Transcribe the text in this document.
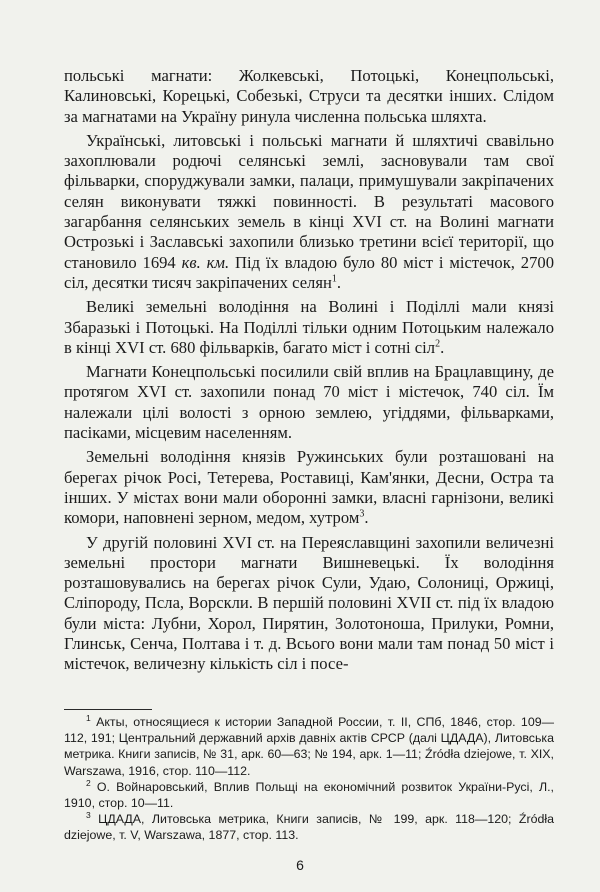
польські магнати: Жолкевські, Потоцькі, Конецпольські, Калиновські, Корецькі, Собезькі, Струси та десятки інших. Слідом за магнатами на Україну ринула численна польська шляхта.

Українські, литовські і польські магнати й шляхтичі свавільно захоплювали родючі селянські землі, засновували там свої фільварки, споруджували замки, палаци, примушували закріпачених селян виконувати тяжкі повинності. В результаті масового загарбання селянських земель в кінці XVI ст. на Волині магнати Острозькі і Заславські захопили близько третини всієї території, що становило 1694 кв. км. Під їх владою було 80 міст і містечок, 2700 сіл, десятки тисяч закріпачених селян$^1$.

Великі земельні володіння на Волині і Поділлі мали князі Збаразькі і Потоцькі. На Поділлі тільки одним Потоцьким належало в кінці XVI ст. 680 фільварків, багато міст і сотні сіл$^2$.

Магнати Конецпольські посилили свій вплив на Брацлавщину, де протягом XVI ст. захопили понад 70 міст і містечок, 740 сіл. Їм належали цілі волості з орною землею, угіддями, фільварками, пасіками, місцевим населенням.

Земельні володіння князів Ружинських були розташовані на берегах річок Росі, Тетерева, Роставиці, Кам'янки, Десни, Остра та інших. У містах вони мали оборонні замки, власні гарнізони, великі комори, наповнені зерном, медом, хутром$^3$.

У другій половині XVI ст. на Переяславщині захопили величезні земельні простори магнати Вишневецькі. Їх володіння розташовувались на берегах річок Сули, Удаю, Солониці, Оржиці, Сліпороду, Псла, Ворскли. В першій половині XVII ст. під їх владою були міста: Лубни, Хорол, Пирятин, Золотоноша, Прилуки, Ромни, Глинськ, Сенча, Полтава і т. д. Всього вони мали там понад 50 міст і містечок, величезну кількість сіл і посе-

$^1$ Акты, относящиеся к истории Западной России, т. II, СПб, 1846, стор. 109—112, 191; Центральний державний архів давніх актів СРСР (далі ЦДАДА), Литовська метрика. Книги записів, № 31, арк. 60—63; № 194, арк. 1—11; Źródła dziejowe, т. XIX, Warszawa, 1916, стор. 110—112.

$^2$ О. Войнаровський, Вплив Польщі на економічний розвиток України-Русі, Л., 1910, стор. 10—11.

$^3$ ЦДАДА, Литовська метрика, Книги записів, № 199, арк. 118—120; Źródła dziejowe, т. V, Warszawa, 1877, стор. 113.

6
